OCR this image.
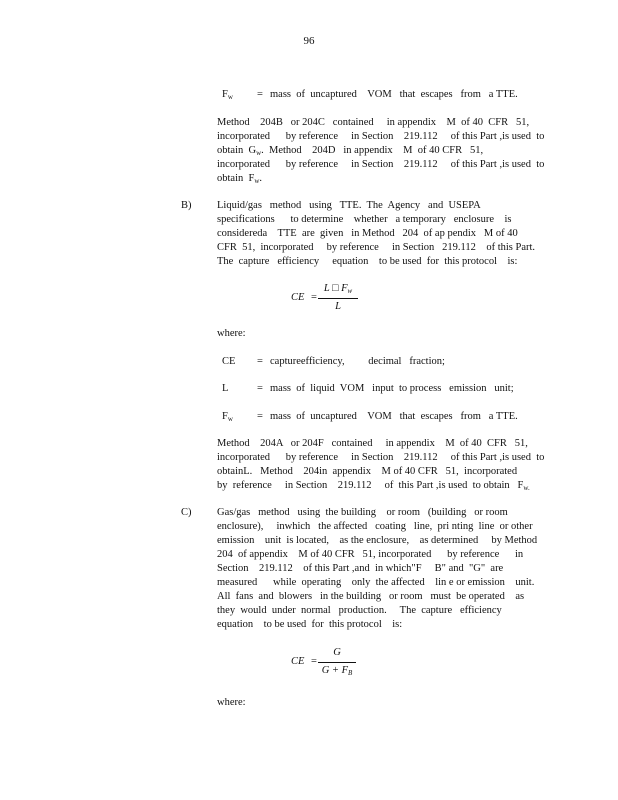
96
Fw = mass  of  uncaptured    VOM   that  escapes   from   a TTE.
Method    204B   or 204C   contained     in appendix    M  of 40  CFR   51,
incorporated      by reference     in Section    219.112     of this Part ,is used  to
obtain  Gw.  Method    204D   in appendix    M  of 40 CFR   51,
incorporated      by reference     in Section    219.112     of this Part ,is used  to
obtain  Fw.
B) Liquid/gas   method   using   TTE.  The  Agency   and  USEPA
specifications      to determine    whether   a temporary   enclosure    is
considereda    TTE  are  given   in Method   204  of ap pendix   M of 40
CFR  51,  incorporated     by reference     in Section   219.112    of this Part.
The  capture   efficiency     equation    to be used  for  this protocol    is:
CE =
L □ Fw
L
where:
CE = captureefficiency,         decimal   fraction;
L	= mass  of  liquid  VOM   input  to process   emission   unit;
Fw = mass  of  uncaptured    VOM   that  escapes   from   a TTE.
Method    204A   or 204F   contained     in appendix    M  of 40  CFR   51,
incorporated      by reference     in Section    219.112     of this Part ,is used  to
obtainL.   Method    204in  appendix    M of 40 CFR   51,  incorporated
by  reference     in Section    219.112     of  this Part ,is used  to obtain   Fw.
C) Gas/gas   method   using  the building    or room   (building   or room
enclosure),     inwhich   the affected   coating   line,  pri nting  line  or other
emission    unit  is located,    as the enclosure,    as determined     by Method
204  of appendix    M of 40 CFR   51, incorporated      by reference      in
Section    219.112    of this Part ,and  in which"F     B" and  "G"  are
measured      while  operating    only  the affected    lin e or emission    unit.
All  fans  and  blowers   in the building   or room   must  be operated    as
they  would  under  normal   production.     The  capture   efficiency
equation    to be used  for  this protocol    is:
CE =
G
G + FB
where:
